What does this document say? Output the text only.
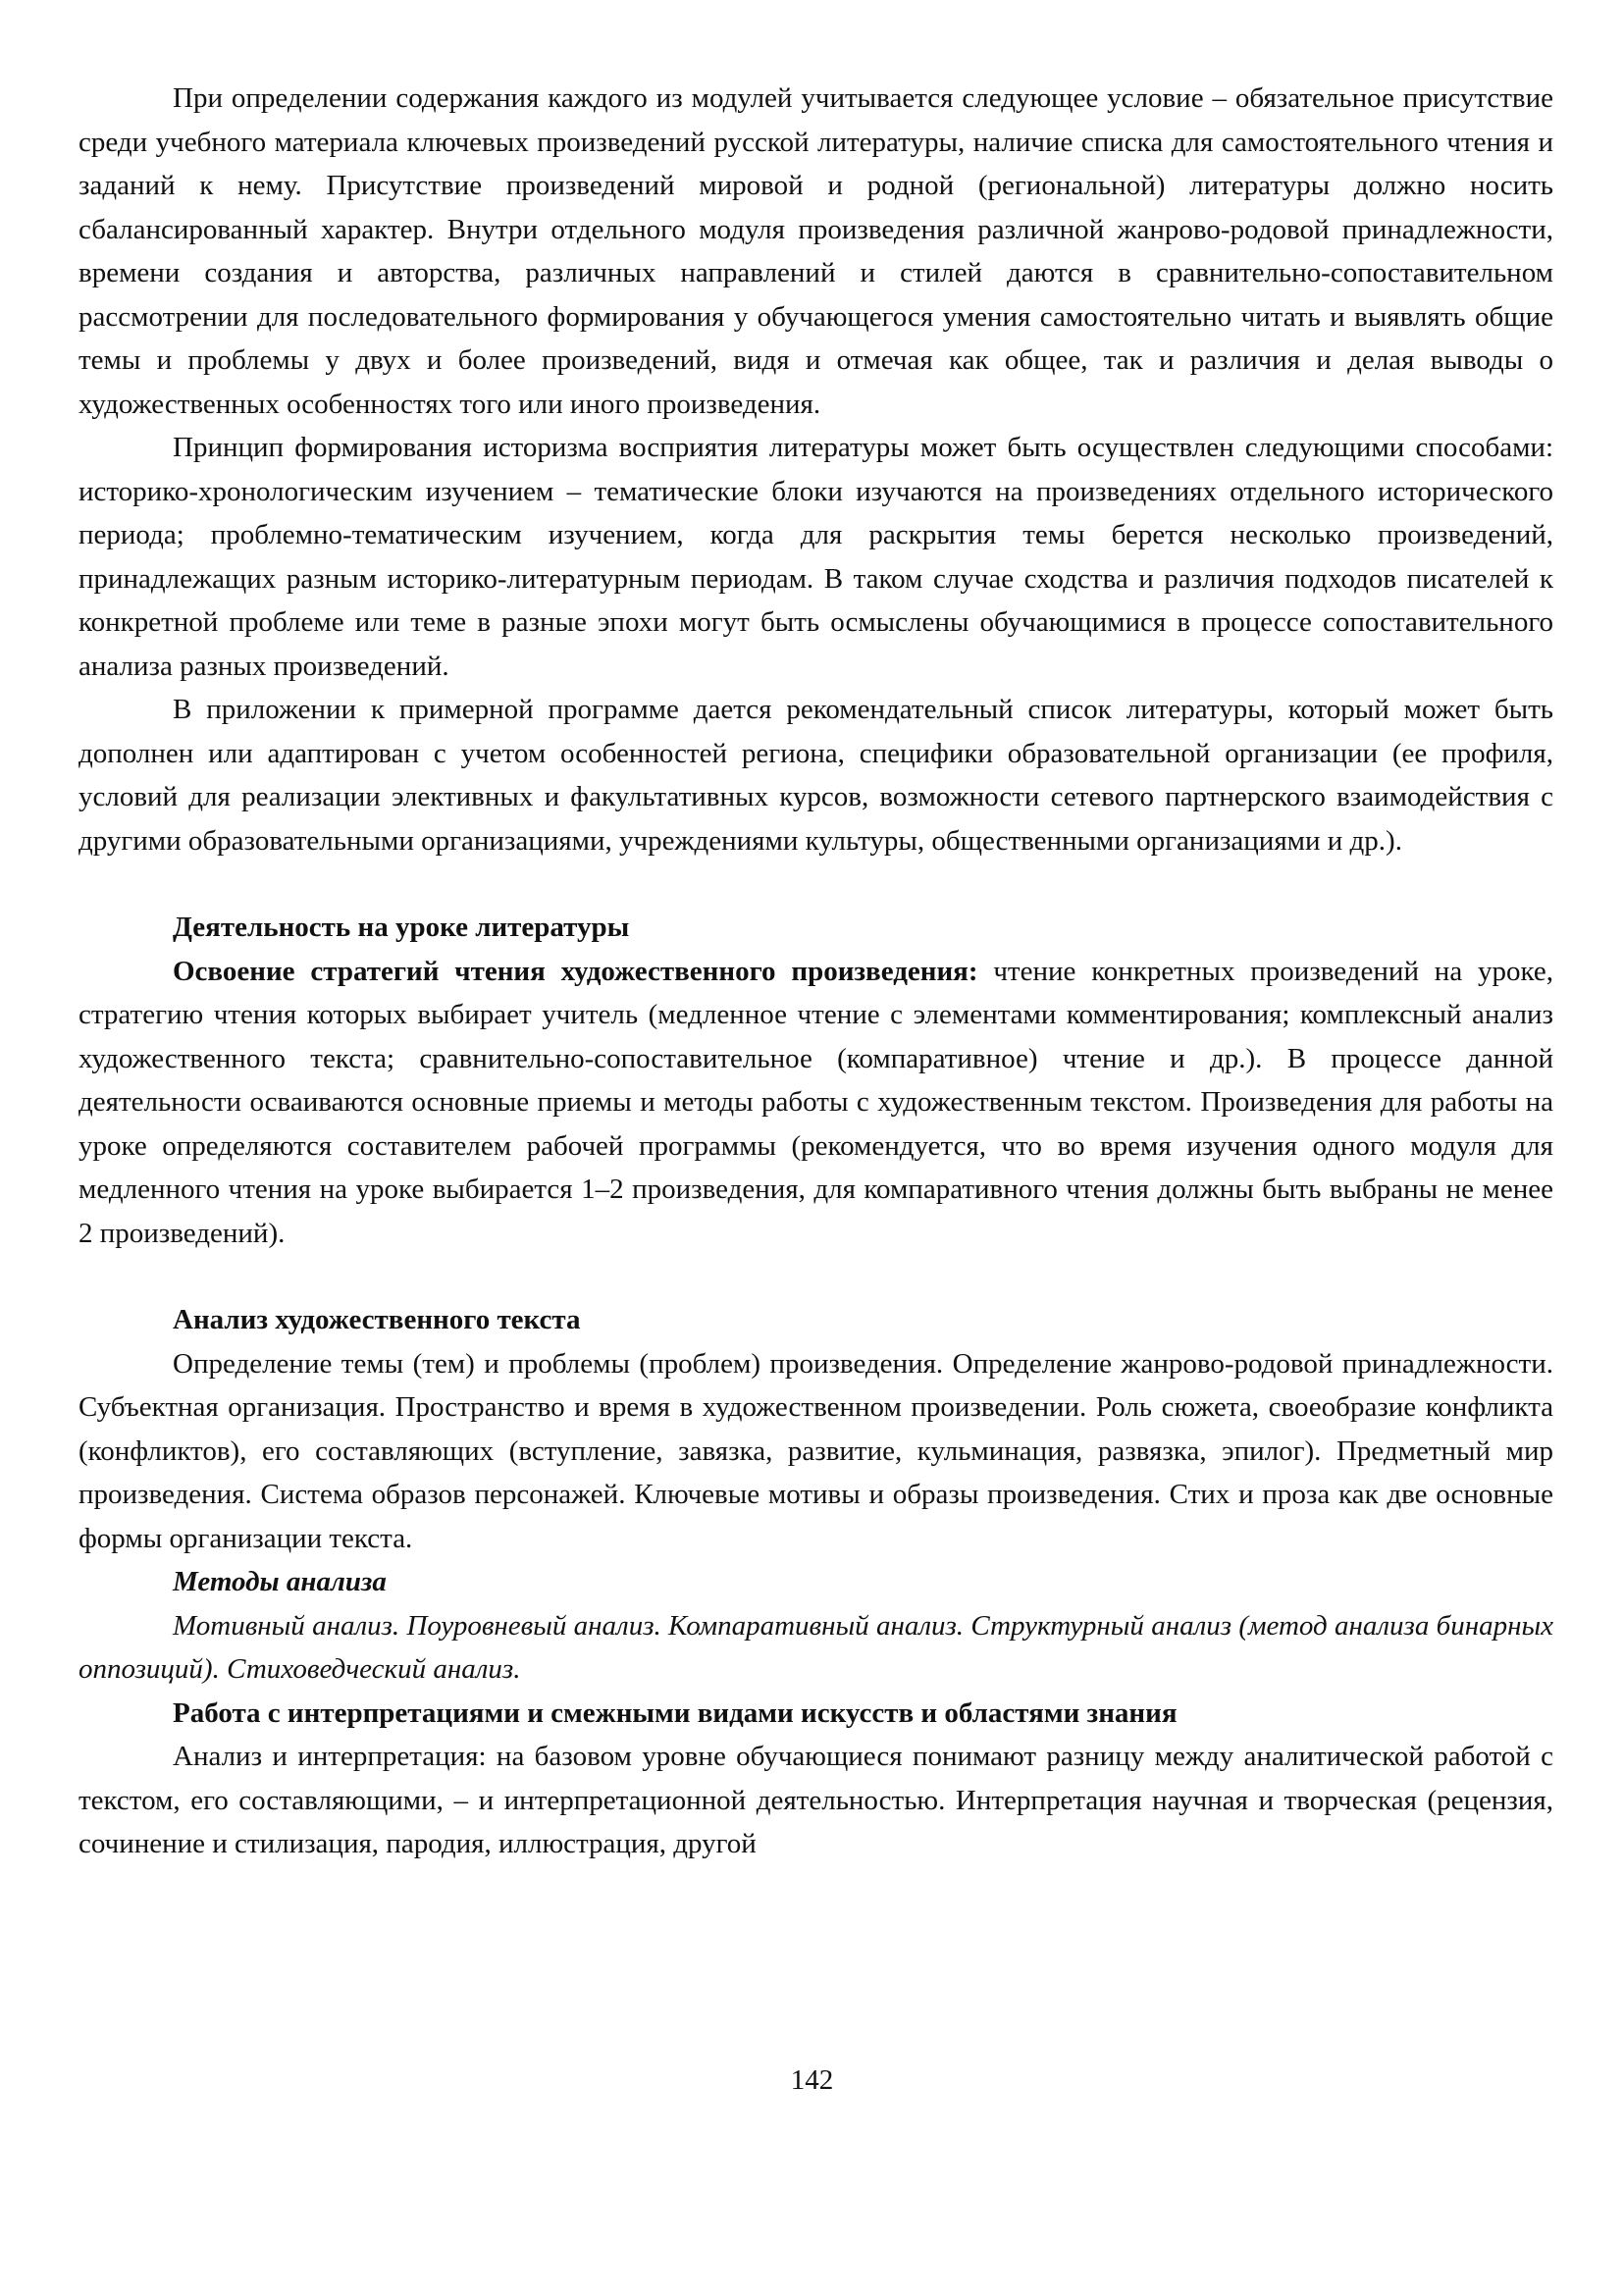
При определении содержания каждого из модулей учитывается следующее условие – обязательное присутствие среди учебного материала ключевых произведений русской литературы, наличие списка для самостоятельного чтения и заданий к нему. Присутствие произведений мировой и родной (региональной) литературы должно носить сбалансированный характер. Внутри отдельного модуля произведения различной жанрово-родовой принадлежности, времени создания и авторства, различных направлений и стилей даются в сравнительно-сопоставительном рассмотрении для последовательного формирования у обучающегося умения самостоятельно читать и выявлять общие темы и проблемы у двух и более произведений, видя и отмечая как общее, так и различия и делая выводы о художественных особенностях того или иного произведения.

Принцип формирования историзма восприятия литературы может быть осуществлен следующими способами: историко-хронологическим изучением – тематические блоки изучаются на произведениях отдельного исторического периода; проблемно-тематическим изучением, когда для раскрытия темы берется несколько произведений, принадлежащих разным историко-литературным периодам. В таком случае сходства и различия подходов писателей к конкретной проблеме или теме в разные эпохи могут быть осмыслены обучающимися в процессе сопоставительного анализа разных произведений.

В приложении к примерной программе дается рекомендательный список литературы, который может быть дополнен или адаптирован с учетом особенностей региона, специфики образовательной организации (ее профиля, условий для реализации элективных и факультативных курсов, возможности сетевого партнерского взаимодействия с другими образовательными организациями, учреждениями культуры, общественными организациями и др.).

Деятельность на уроке литературы

Освоение стратегий чтения художественного произведения: чтение конкретных произведений на уроке, стратегию чтения которых выбирает учитель (медленное чтение с элементами комментирования; комплексный анализ художественного текста; сравнительно-сопоставительное (компаративное) чтение и др.). В процессе данной деятельности осваиваются основные приемы и методы работы с художественным текстом. Произведения для работы на уроке определяются составителем рабочей программы (рекомендуется, что во время изучения одного модуля для медленного чтения на уроке выбирается 1–2 произведения, для компаративного чтения должны быть выбраны не менее 2 произведений).

Анализ художественного текста

Определение темы (тем) и проблемы (проблем) произведения. Определение жанрово-родовой принадлежности. Субъектная организация. Пространство и время в художественном произведении. Роль сюжета, своеобразие конфликта (конфликтов), его составляющих (вступление, завязка, развитие, кульминация, развязка, эпилог). Предметный мир произведения. Система образов персонажей. Ключевые мотивы и образы произведения. Стих и проза как две основные формы организации текста.

Методы анализа

Мотивный анализ. Поуровневый анализ. Компаративный анализ. Структурный анализ (метод анализа бинарных оппозиций). Стиховедческий анализ.

Работа с интерпретациями и смежными видами искусств и областями знания

Анализ и интерпретация: на базовом уровне обучающиеся понимают разницу между аналитической работой с текстом, его составляющими, – и интерпретационной деятельностью. Интерпретация научная и творческая (рецензия, сочинение и стилизация, пародия, иллюстрация, другой

142
